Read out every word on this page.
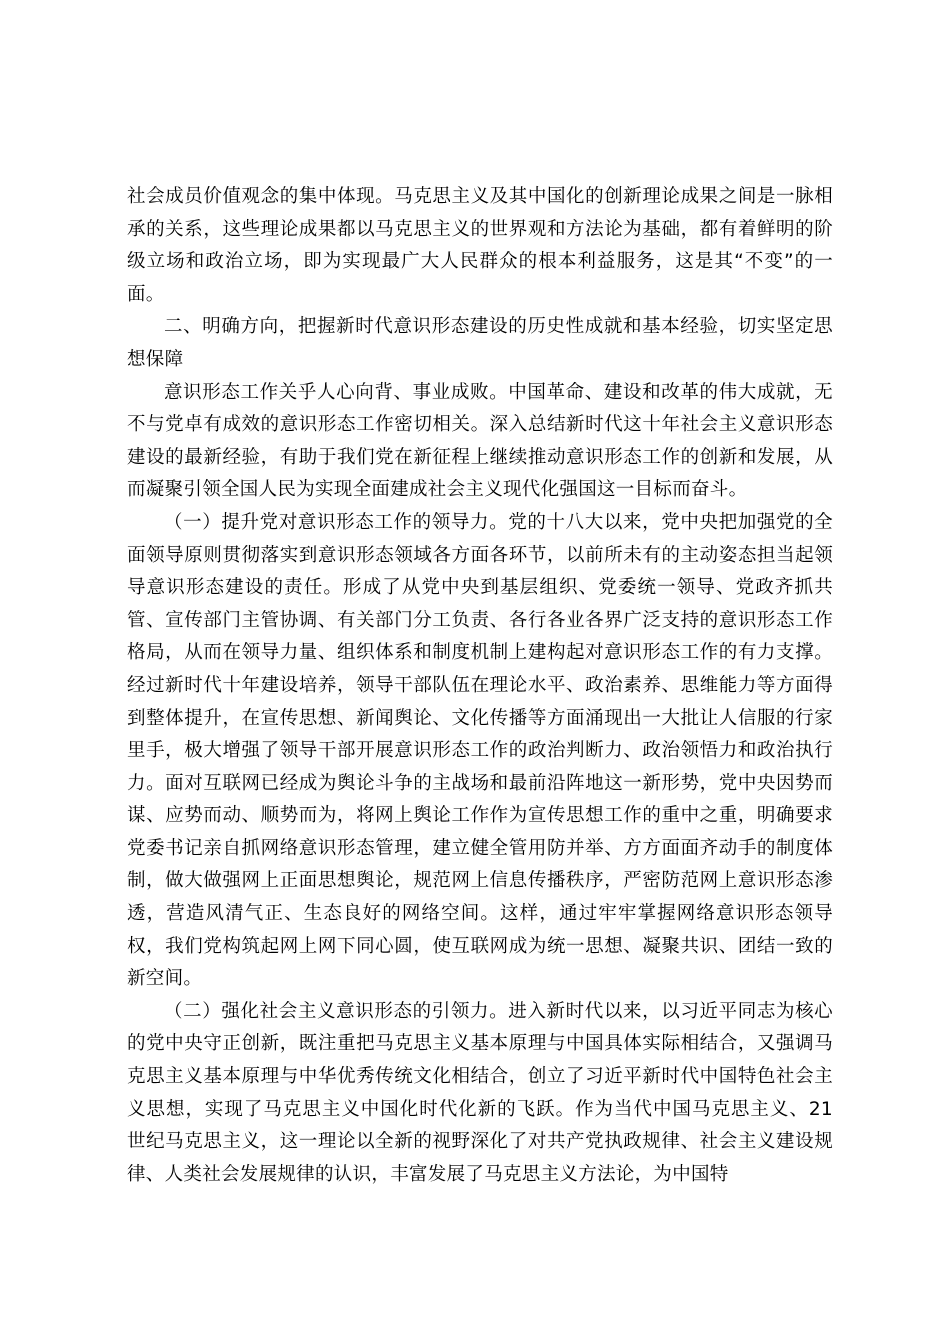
社会成员价值观念的集中体现。马克思主义及其中国化的创新理论成果之间是一脉相承的关系，这些理论成果都以马克思主义的世界观和方法论为基础，都有着鲜明的阶级立场和政治立场，即为实现最广大人民群众的根本利益服务，这是其“不变”的一面。

二、明确方向，把握新时代意识形态建设的历史性成就和基本经验，切实坚定思想保障

意识形态工作关乎人心向背、事业成败。中国革命、建设和改革的伟大成就，无不与党卓有成效的意识形态工作密切相关。深入总结新时代这十年社会主义意识形态建设的最新经验，有助于我们党在新征程上继续推动意识形态工作的创新和发展，从而凝聚引领全国人民为实现全面建成社会主义现代化强国这一目标而奋斗。

（一）提升党对意识形态工作的领导力。党的十八大以来，党中央把加强党的全面领导原则贯彻落实到意识形态领域各方面各环节，以前所未有的主动姿态担当起领导意识形态建设的责任。形成了从党中央到基层组织、党委统一领导、党政齐抓共管、宣传部门主管协调、有关部门分工负责、各行各业各界广泛支持的意识形态工作格局，从而在领导力量、组织体系和制度机制上建构起对意识形态工作的有力支撑。经过新时代十年建设培养，领导干部队伍在理论水平、政治素养、思维能力等方面得到整体提升，在宣传思想、新闻舆论、文化传播等方面涌现出一大批让人信服的行家里手，极大增强了领导干部开展意识形态工作的政治判断力、政治领悟力和政治执行力。面对互联网已经成为舆论斗争的主战场和最前沿阵地这一新形势，党中央因势而谋、应势而动、顺势而为，将网上舆论工作作为宣传思想工作的重中之重，明确要求党委书记亲自抓网络意识形态管理，建立健全管用防并举、方方面面齐动手的制度体制，做大做强网上正面思想舆论，规范网上信息传播秩序，严密防范网上意识形态渗透，营造风清气正、生态良好的网络空间。这样，通过牢牢掌握网络意识形态领导权，我们党构筑起网上网下同心圆，使互联网成为统一思想、凝聚共识、团结一致的新空间。

（二）强化社会主义意识形态的引领力。进入新时代以来，以习近平同志为核心的党中央守正创新，既注重把马克思主义基本原理与中国具体实际相结合，又强调马克思主义基本原理与中华优秀传统文化相结合，创立了习近平新时代中国特色社会主义思想，实现了马克思主义中国化时代化新的飞跃。作为当代中国马克思主义、21 世纪马克思主义，这一理论以全新的视野深化了对共产党执政规律、社会主义建设规律、人类社会发展规律的认识，丰富发展了马克思主义方法论，为中国特
